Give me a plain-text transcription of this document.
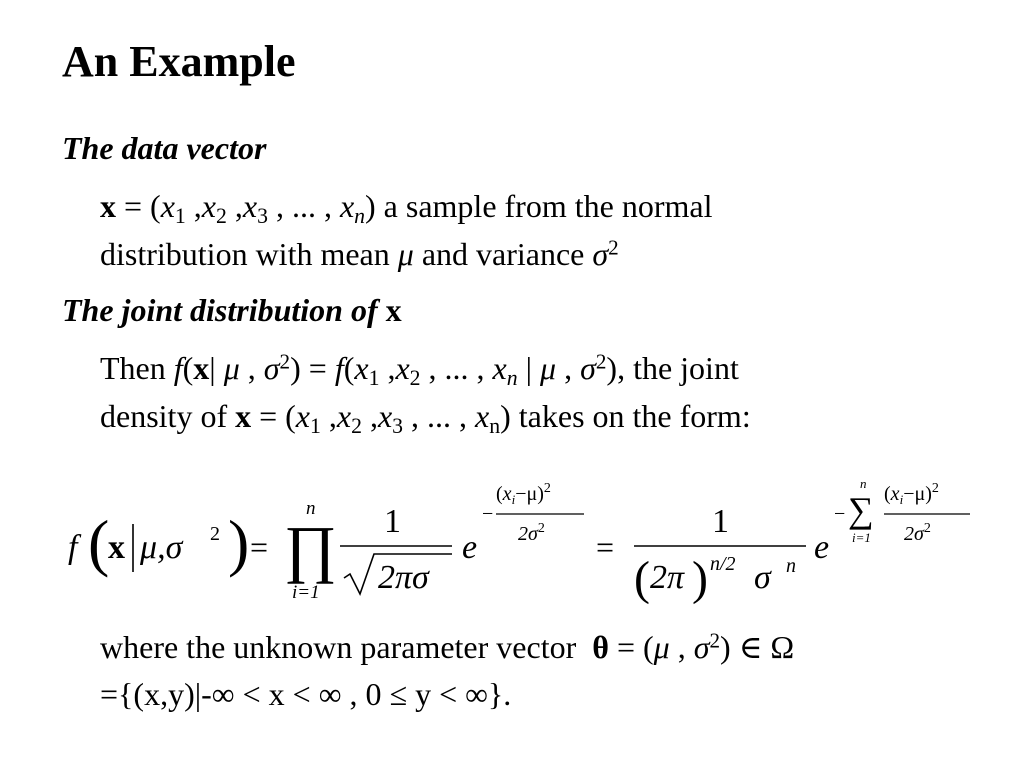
An Example
The data vector
$x = (x_1$ $,x_2$ $,x_3$ , ... , $x_n$) a sample from the normal
distribution with mean μ and variance $\sigma^2$
The joint distribution of x
Then f(x| μ , $\sigma^2) = f(x_1$ $,x_2$ , ... , $x_n$ | μ , $\sigma^2$), the joint
density of $x = (x_1$ $,x_2$ $,x_3$ , ... , $x_n$) takes on the form:
f (
x μ,σ 2 ) =
n
∏
i=1
1
2πσ
e
−
$(x_i-\mu)^2$
$2\sigma^2$
=
1
( 2π ) n/2 σ n e
−
n
∑
i=1
$(x_i-\mu)^2$
$2\sigma^2$
where the unknown parameter vector θ = (μ , $\sigma^2$) ∈ Ω
={(x,y)|-∞ < x < ∞ , 0 ≤ y < ∞}.
